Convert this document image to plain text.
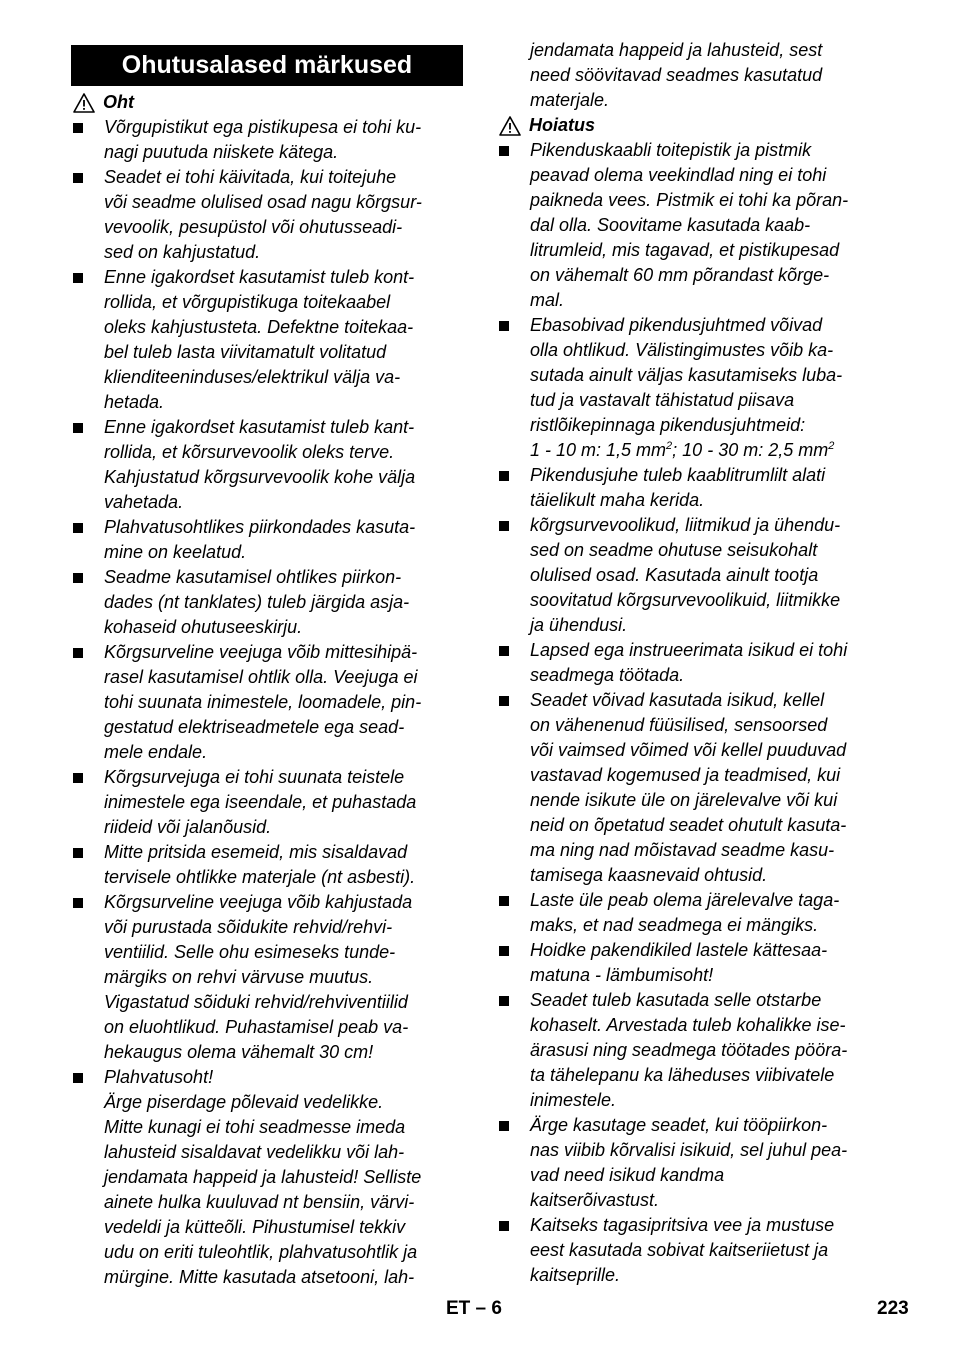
Ohutusalased märkused
Oht
Võrgupistikut ega pistikupesa ei tohi ku-
nagi puutuda niiskete kätega.
Seadet ei tohi käivitada, kui toitejuhe
või seadme olulised osad nagu kõrgsur-
vevoolik, pesupüstol või ohutusseadi-
sed on kahjustatud.
Enne igakordset kasutamist tuleb kont-
rollida, et võrgupistikuga toitekaabel
oleks kahjustusteta. Defektne toitekaa-
bel tuleb lasta viivitamatult volitatud
klienditeeninduses/elektrikul välja va-
hetada.
Enne igakordset kasutamist tuleb kant-
rollida, et kõrsurvevoolik oleks terve.
Kahjustatud kõrgsurvevoolik kohe välja
vahetada.
Plahvatusohtlikes piirkondades kasuta-
mine on keelatud.
Seadme kasutamisel ohtlikes piirkon-
dades (nt tanklates) tuleb järgida asja-
kohaseid ohutuseeskirju.
Kõrgsurveline veejuga võib mittesihipä-
rasel kasutamisel ohtlik olla. Veejuga ei
tohi suunata inimestele, loomadele, pin-
gestatud elektriseadmetele ega sead-
mele endale.
Kõrgsurvejuga ei tohi suunata teistele
inimestele ega iseendale, et puhastada
riideid või jalanõusid.
Mitte pritsida esemeid, mis sisaldavad
tervisele ohtlikke materjale (nt asbesti).
Kõrgsurveline veejuga võib kahjustada
või purustada sõidukite rehvid/rehvi-
ventiilid. Selle ohu esimeseks tunde-
märgiks on rehvi värvuse muutus.
Vigastatud sõiduki rehvid/rehviventiilid
on eluohtlikud. Puhastamisel peab va-
hekaugus olema vähemalt 30 cm!
Plahvatusoht!
Ärge piserdage põlevaid vedelikke.
Mitte kunagi ei tohi seadmesse imeda
lahusteid sisaldavat vedelikku või lah-
jendamata happeid ja lahusteid! Selliste
ainete hulka kuuluvad nt bensiin, värvi-
vedeldi ja kütteõli. Pihustumisel tekkiv
udu on eriti tuleohtlik, plahvatusohtlik ja
mürgine. Mitte kasutada atsetooni, lah-
jendamata happeid ja lahusteid, sest
need söövitavad seadmes kasutatud
materjale.
Hoiatus
Pikenduskaabli toitepistik ja pistmik
peavad olema veekindlad ning ei tohi
paikneda vees. Pistmik ei tohi ka põran-
dal olla. Soovitame kasutada kaab-
litrumleid, mis tagavad, et pistikupesad
on vähemalt 60 mm põrandast kõrge-
mal.
Ebasobivad pikendusjuhtmed võivad
olla ohtlikud. Välistingimustes võib ka-
sutada ainult väljas kasutamiseks luba-
tud ja vastavalt tähistatud piisava
ristlõikepinnaga pikendusjuhtmeid:
1 - 10 m: 1,5 $mm^2$; 10 - 30 m: 2,5 $mm^2$
Pikendusjuhe tuleb kaablitrumlilt alati
täielikult maha kerida.
kõrgsurvevoolikud, liitmikud ja ühendu-
sed on seadme ohutuse seisukohalt
olulised osad. Kasutada ainult tootja
soovitatud kõrgsurvevoolikuid, liitmikke
ja ühendusi.
Lapsed ega instrueerimata isikud ei tohi
seadmega töötada.
Seadet võivad kasutada isikud, kellel
on vähenenud füüsilised, sensoorsed
või vaimsed võimed või kellel puuduvad
vastavad kogemused ja teadmised, kui
nende isikute üle on järelevalve või kui
neid on õpetatud seadet ohutult kasuta-
ma ning nad mõistavad seadme kasu-
tamisega kaasnevaid ohtusid.
Laste üle peab olema järelevalve taga-
maks, et nad seadmega ei mängiks.
Hoidke pakendikiled lastele kättesaa-
matuna - lämbumisoht!
Seadet tuleb kasutada selle otstarbe
kohaselt. Arvestada tuleb kohalikke ise-
ärasusi ning seadmega töötades pööra-
ta tähelepanu ka läheduses viibivatele
inimestele.
Ärge kasutage seadet, kui tööpiirkon-
nas viibib kõrvalisi isikuid, sel juhul pea-
vad need isikud kandma
kaitserõivastust.
Kaitseks tagasipritsiva vee ja mustuse
eest kasutada sobivat kaitseriietust ja
kaitseprille.
ET – 6	223
